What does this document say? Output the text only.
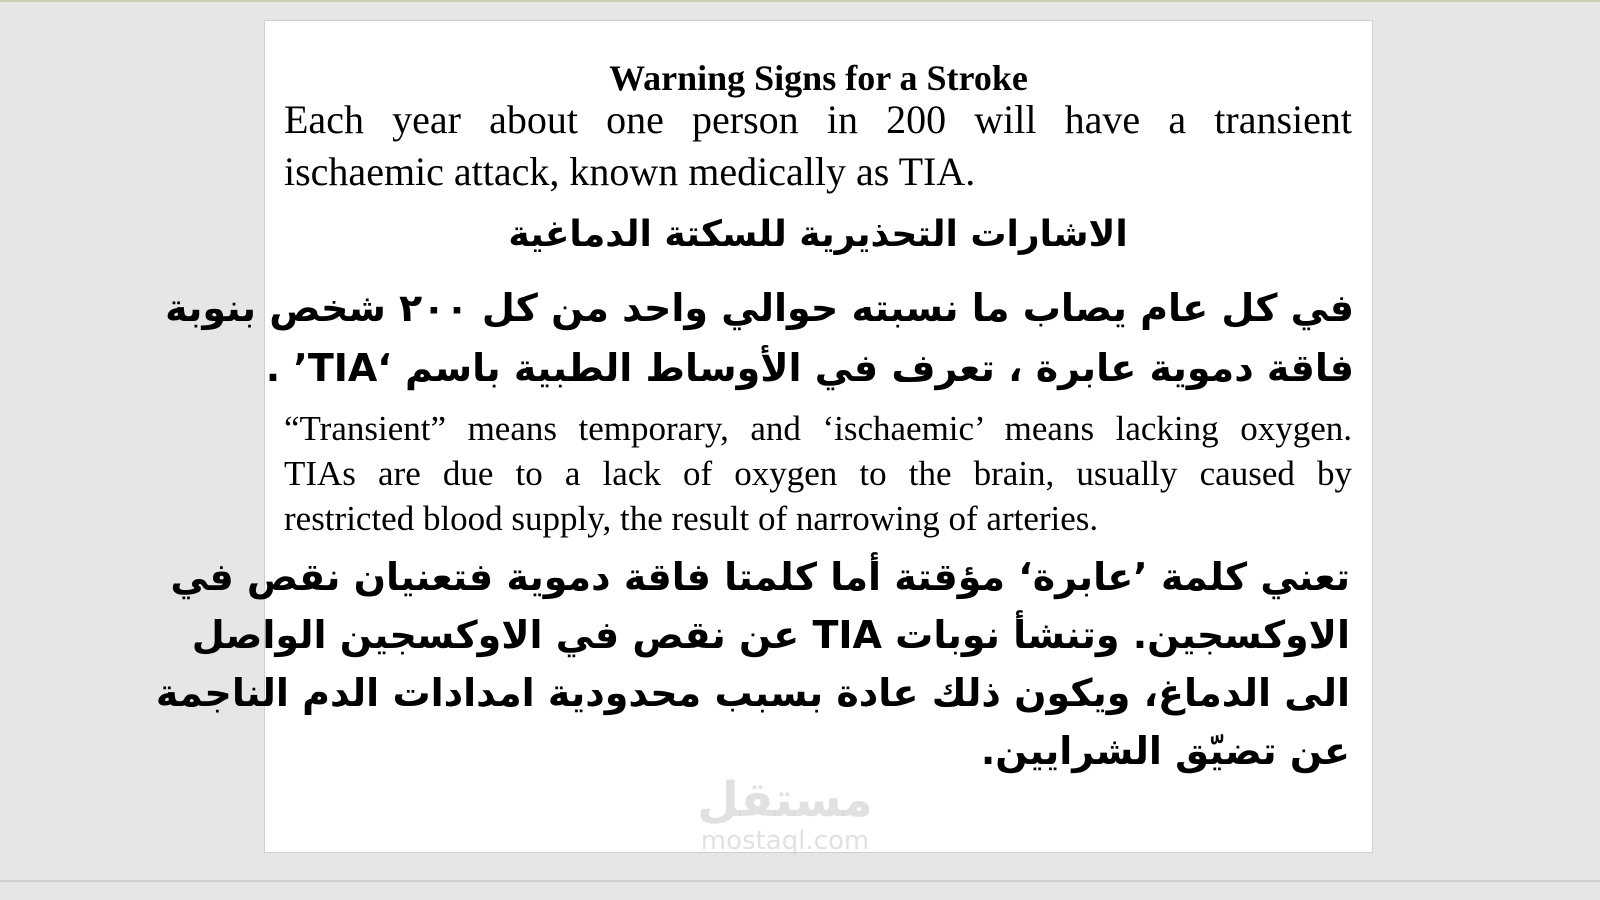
Warning Signs for a Stroke
Each year about one person in 200 will have a transient
ischaemic attack, known medically as TIA.
الاشارات التحذيرية للسكتة الدماغية
في كل عام يصاب ما نسبته حوالي واحد من كل ٢٠٠ شخص بنوبة
فاقة دموية عابرة ، تعرف في الأوساط الطبية باسم ‘TIA’ .
“Transient” means temporary, and ‘ischaemic’ means lacking oxygen.
TIAs are due to a lack of oxygen to the brain, usually caused by
restricted blood supply, the result of narrowing of arteries.
تعني كلمة ’عابرة‘ مؤقتة أما كلمتا فاقة دموية فتعنيان نقص في
الاوكسجين. وتنشأ نوبات TIA عن نقص في الاوكسجين الواصل
الى الدماغ، ويكون ذلك عادة بسبب محدودية امدادات الدم الناجمة
عن تضيّق الشرايين.
مستقل
mostaql.com
